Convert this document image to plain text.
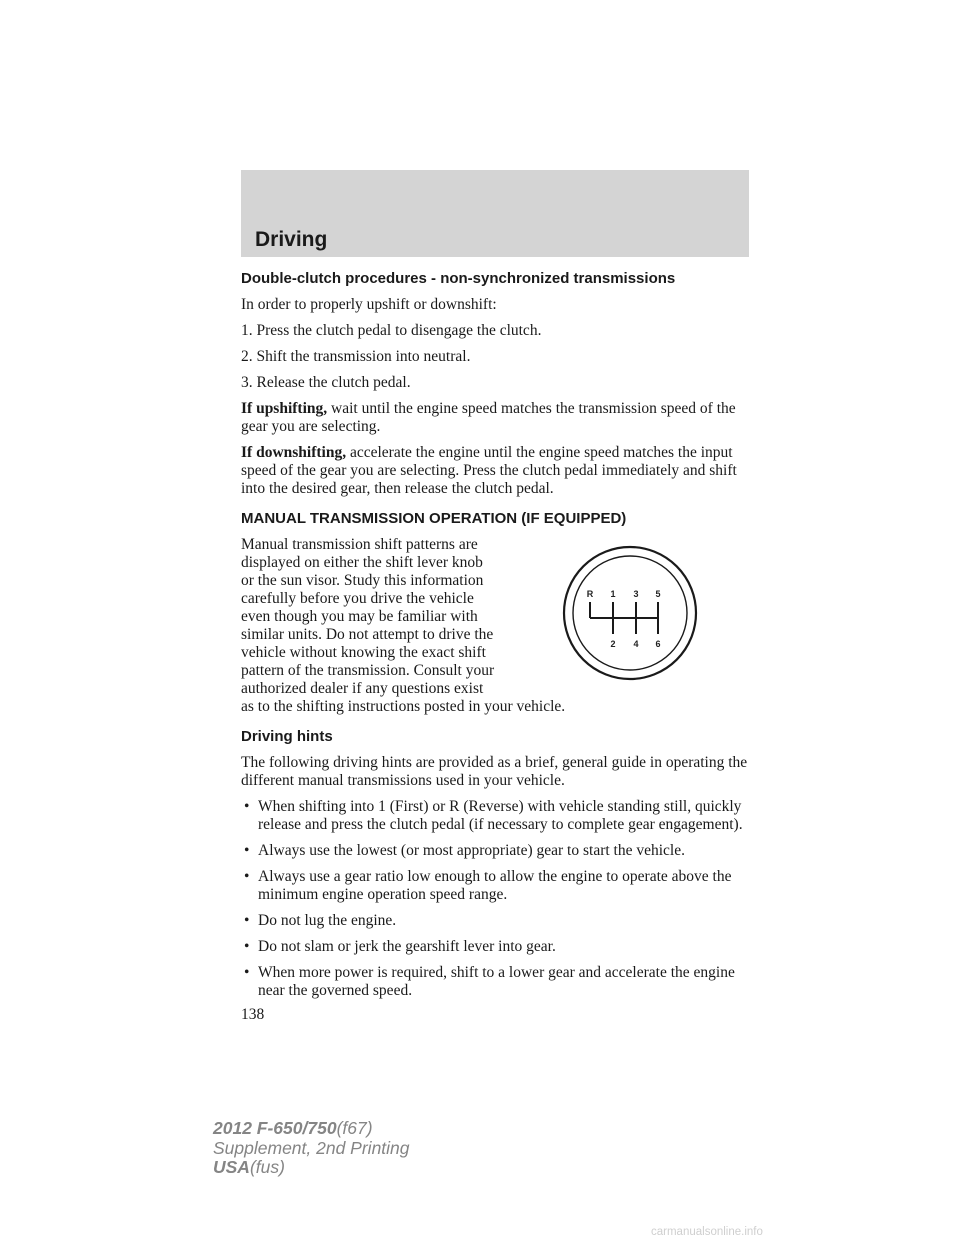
Driving
Double-clutch procedures - non-synchronized transmissions

In order to properly upshift or downshift:

1. Press the clutch pedal to disengage the clutch.

2. Shift the transmission into neutral.

3. Release the clutch pedal.

If upshifting, wait until the engine speed matches the transmission speed of the gear you are selecting.

If downshifting, accelerate the engine until the engine speed matches the input speed of the gear you are selecting. Press the clutch pedal immediately and shift into the desired gear, then release the clutch pedal.

MANUAL TRANSMISSION OPERATION (IF EQUIPPED)
R 1 3 5
2 4 6

Manual transmission shift patterns are displayed on either the shift lever knob or the sun visor. Study this information carefully before you drive the vehicle even though you may be familiar with similar units. Do not attempt to drive the vehicle without knowing the exact shift pattern of the transmission. Consult your authorized dealer if any questions exist as to the shifting instructions posted in your vehicle.

Driving hints

The following driving hints are provided as a brief, general guide in operating the different manual transmissions used in your vehicle.

• When shifting into 1 (First) or R (Reverse) with vehicle standing still, quickly release and press the clutch pedal (if necessary to complete gear engagement).
• Always use the lowest (or most appropriate) gear to start the vehicle.
• Always use a gear ratio low enough to allow the engine to operate above the minimum engine operation speed range.
• Do not lug the engine.
• Do not slam or jerk the gearshift lever into gear.
• When more power is required, shift to a lower gear and accelerate the engine near the governed speed.
138
2012 F-650/750(f67)
Supplement, 2nd Printing
USA(fus)
carmanualsonline.info
